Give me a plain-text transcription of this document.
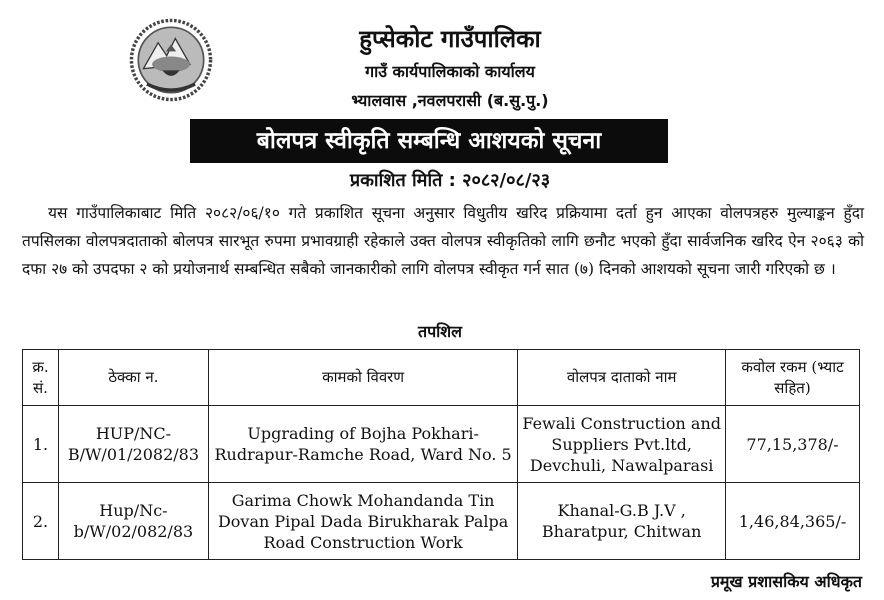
हुप्सेकोट गाउँपालिका
गाउँ कार्यपालिकाको कार्यालय
भ्यालवास ,नवलपरासी (ब.सु.पु.)
बोलपत्र स्वीकृति सम्बन्धि आशयको सूचना
प्रकाशित मिति : २०८२/०८/२३
यस गाउँपालिकाबाट मिति २०८२/०६/१० गते प्रकाशित सूचना अनुसार विधुतीय खरिद प्रक्रियामा दर्ता हुन आएका वोलपत्रहरु मुल्याङ्कन हुँदा तपसिलका वोलपत्रदाताको बोलपत्र सारभूत रुपमा प्रभावग्राही रहेकाले उक्त वोलपत्र स्वीकृतिको लागि छनौट भएको हुँदा सार्वजनिक खरिद ऐन २०६३ को दफा २७ को उपदफा २ को प्रयोजनार्थ सम्बन्धित सबैको जानकारीको लागि वोलपत्र स्वीकृत गर्न सात (७) दिनको आशयको सूचना जारी गरिएको छ ।
तपशिल
क्र. सं.	ठेक्का न.	कामको विवरण	वोलपत्र दाताको नाम	कवोल रकम (भ्याट सहित)
1.	HUP/NC-B/W/01/2082/83	Upgrading of Bojha Pokhari-Rudrapur-Ramche Road, Ward No. 5	Fewali Construction and Suppliers Pvt.ltd, Devchuli, Nawalparasi	77,15,378/-
2.	Hup/Nc-b/W/02/082/83	Garima Chowk Mohandanda Tin Dovan Pipal Dada Birukharak Palpa Road Construction Work	Khanal-G.B J.V , Bharatpur, Chitwan	1,46,84,365/-
प्रमूख प्रशासकिय अधिकृत
